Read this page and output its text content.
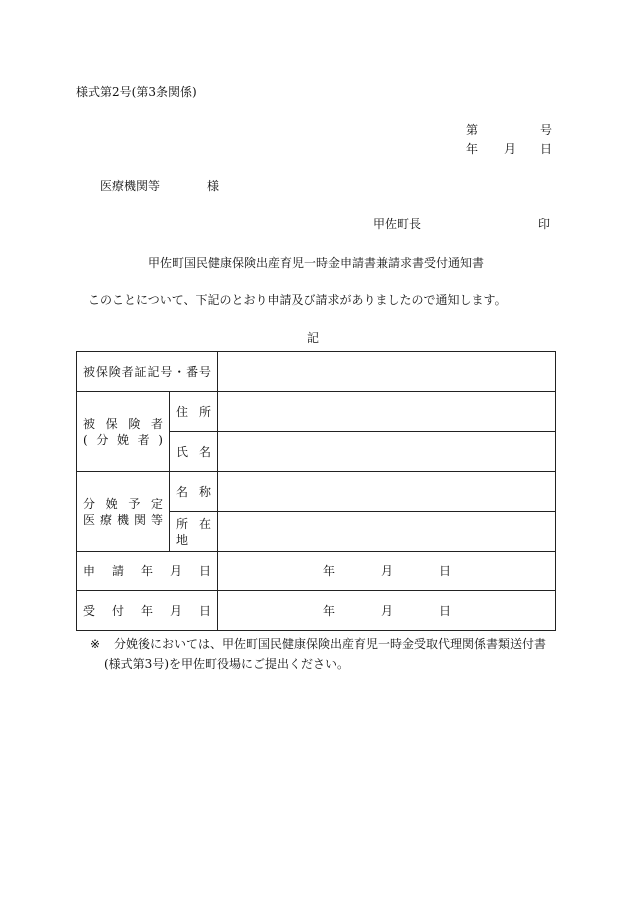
様式第2号(第3条関係)
第	号
年 月 日
医療機関等	様
甲佐町長	印
甲佐町国民健康保険出産育児一時金申請書兼請求書受付通知書
このことについて、下記のとおり申請及び請求がありましたので通知します。
記
被保険者証記号・番号		

被保険者
(分娩者)	住所	

	氏名	

分娩予定
医療機関等	名称	

	所在地	

申請年月日		年 月 日

受付年月日		年 月 日
※ 分娩後においては、甲佐町国民健康保険出産育児一時金受取代理関係書類送付書
(様式第3号)を甲佐町役場にご提出ください。
